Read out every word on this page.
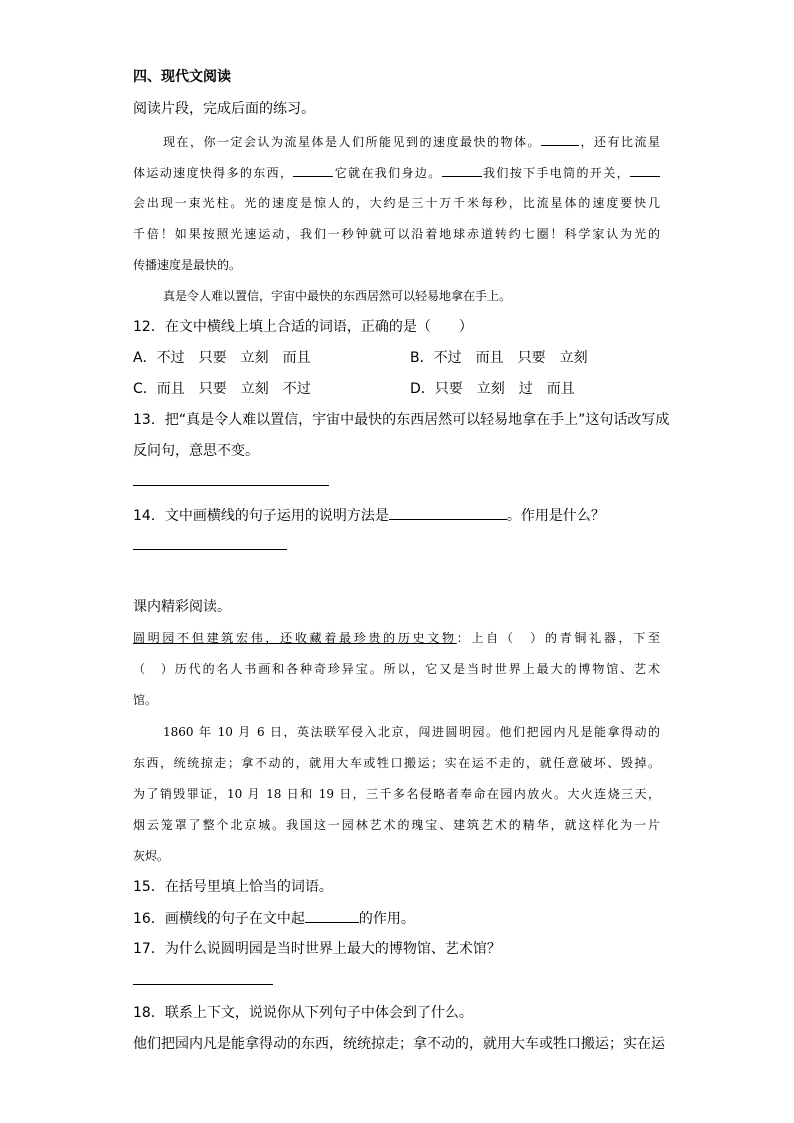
四、现代文阅读
阅读片段，完成后面的练习。
现在，你一定会认为流星体是人们所能见到的速度最快的物体。	，还有比流星
体运动速度快得多的东西，	它就在我们身边。	我们按下手电筒的开关，
会出现一束光柱。光的速度是惊人的，大约是三十万千米每秒，比流星体的速度要快几
千倍！如果按照光速运动，我们一秒钟就可以沿着地球赤道转约七圈！科学家认为光的
传播速度是最快的。
真是令人难以置信，宇宙中最快的东西居然可以轻易地拿在手上。
12．在文中横线上填上合适的词语，正确的是（　　）
A．不过　只要　立刻　而且	B．不过　而且　只要　立刻
C．而且　只要　立刻　不过	D．只要　立刻　过　而且
13．把“真是令人难以置信，宇宙中最快的东西居然可以轻易地拿在手上”这句话改写成
反问句，意思不变。
14．文中画横线的句子运用的说明方法是	。作用是什么？
课内精彩阅读。
圆明园不但建筑宏伟，还收藏着最珍贵的历史文物：上自（　）的青铜礼器，下至
（　）历代的名人书画和各种奇珍异宝。所以，它又是当时世界上最大的博物馆、艺术
馆。
1860 年 10 月 6 日，英法联军侵入北京，闯进圆明园。他们把园内凡是能拿得动的
东西，统统掠走；拿不动的，就用大车或牲口搬运；实在运不走的，就任意破坏、毁掉。
为了销毁罪证，10 月 18 日和 19 日，三千多名侵略者奉命在园内放火。大火连烧三天，
烟云笼罩了整个北京城。我国这一园林艺术的瑰宝、建筑艺术的精华，就这样化为一片
灰烬。
15．在括号里填上恰当的词语。
16．画横线的句子在文中起	的作用。
17．为什么说圆明园是当时世界上最大的博物馆、艺术馆？
18．联系上下文，说说你从下列句子中体会到了什么。
他们把园内凡是能拿得动的东西，统统掠走；拿不动的，就用大车或牲口搬运；实在运
